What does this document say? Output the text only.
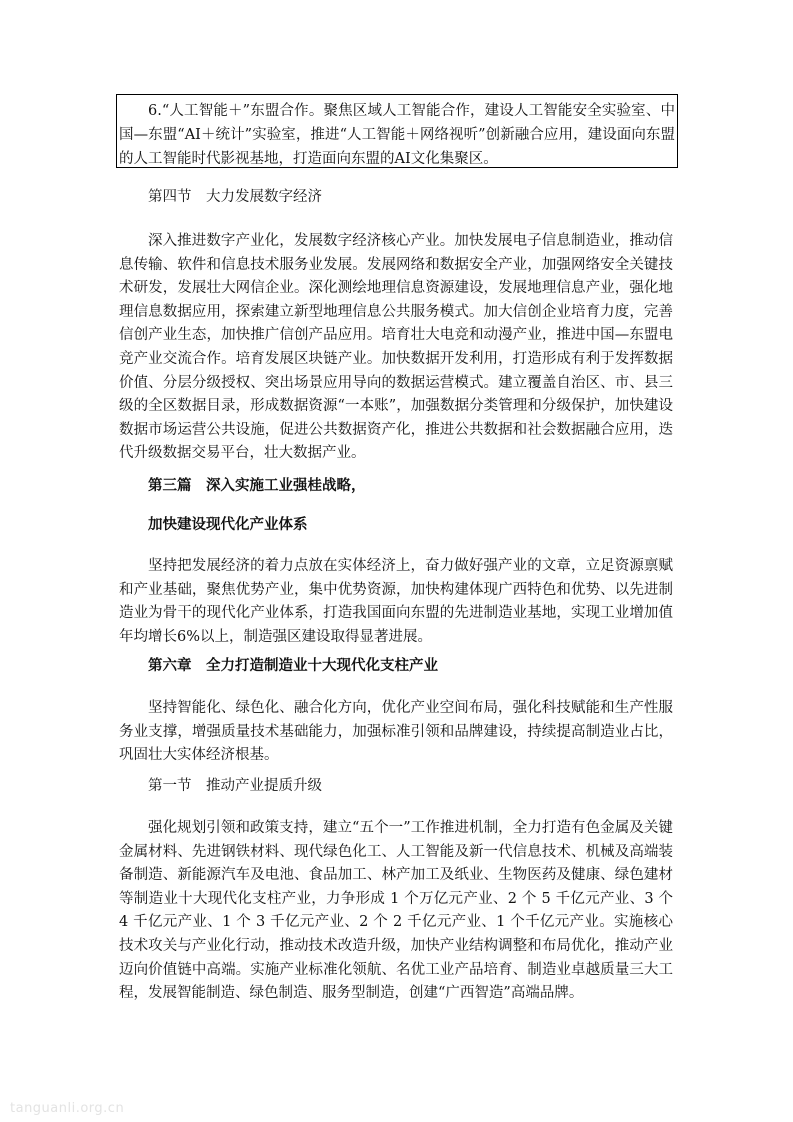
6.“人工智能＋”东盟合作。聚焦区域人工智能合作，建设人工智能安全实验室、中国—东盟“AI＋统计”实验室，推进“人工智能＋网络视听”创新融合应用，建设面向东盟的人工智能时代影视基地，打造面向东盟的AI文化集聚区。
第四节　大力发展数字经济
深入推进数字产业化，发展数字经济核心产业。加快发展电子信息制造业，推动信息传输、软件和信息技术服务业发展。发展网络和数据安全产业，加强网络安全关键技术研发，发展壮大网信企业。深化测绘地理信息资源建设，发展地理信息产业，强化地理信息数据应用，探索建立新型地理信息公共服务模式。加大信创企业培育力度，完善信创产业生态，加快推广信创产品应用。培育壮大电竞和动漫产业，推进中国—东盟电竞产业交流合作。培育发展区块链产业。加快数据开发利用，打造形成有利于发挥数据价值、分层分级授权、突出场景应用导向的数据运营模式。建立覆盖自治区、市、县三级的全区数据目录，形成数据资源“一本账”，加强数据分类管理和分级保护，加快建设数据市场运营公共设施，促进公共数据资产化，推进公共数据和社会数据融合应用，迭代升级数据交易平台，壮大数据产业。
第三篇　深入实施工业强桂战略，
加快建设现代化产业体系
坚持把发展经济的着力点放在实体经济上，奋力做好强产业的文章，立足资源禀赋和产业基础，聚焦优势产业，集中优势资源，加快构建体现广西特色和优势、以先进制造业为骨干的现代化产业体系，打造我国面向东盟的先进制造业基地，实现工业增加值年均增长6%以上，制造强区建设取得显著进展。
第六章　全力打造制造业十大现代化支柱产业
坚持智能化、绿色化、融合化方向，优化产业空间布局，强化科技赋能和生产性服务业支撑，增强质量技术基础能力，加强标准引领和品牌建设，持续提高制造业占比，巩固壮大实体经济根基。
第一节　推动产业提质升级
强化规划引领和政策支持，建立“五个一”工作推进机制，全力打造有色金属及关键金属材料、先进钢铁材料、现代绿色化工、人工智能及新一代信息技术、机械及高端装备制造、新能源汽车及电池、食品加工、林产加工及纸业、生物医药及健康、绿色建材等制造业十大现代化支柱产业，力争形成 1 个万亿元产业、2 个 5 千亿元产业、3 个 4 千亿元产业、1 个 3 千亿元产业、2 个 2 千亿元产业、1 个千亿元产业。实施核心技术攻关与产业化行动，推动技术改造升级，加快产业结构调整和布局优化，推动产业迈向价值链中高端。实施产业标准化领航、名优工业产品培育、制造业卓越质量三大工程，发展智能制造、绿色制造、服务型制造，创建“广西智造”高端品牌。
tanguanli.org.cn
